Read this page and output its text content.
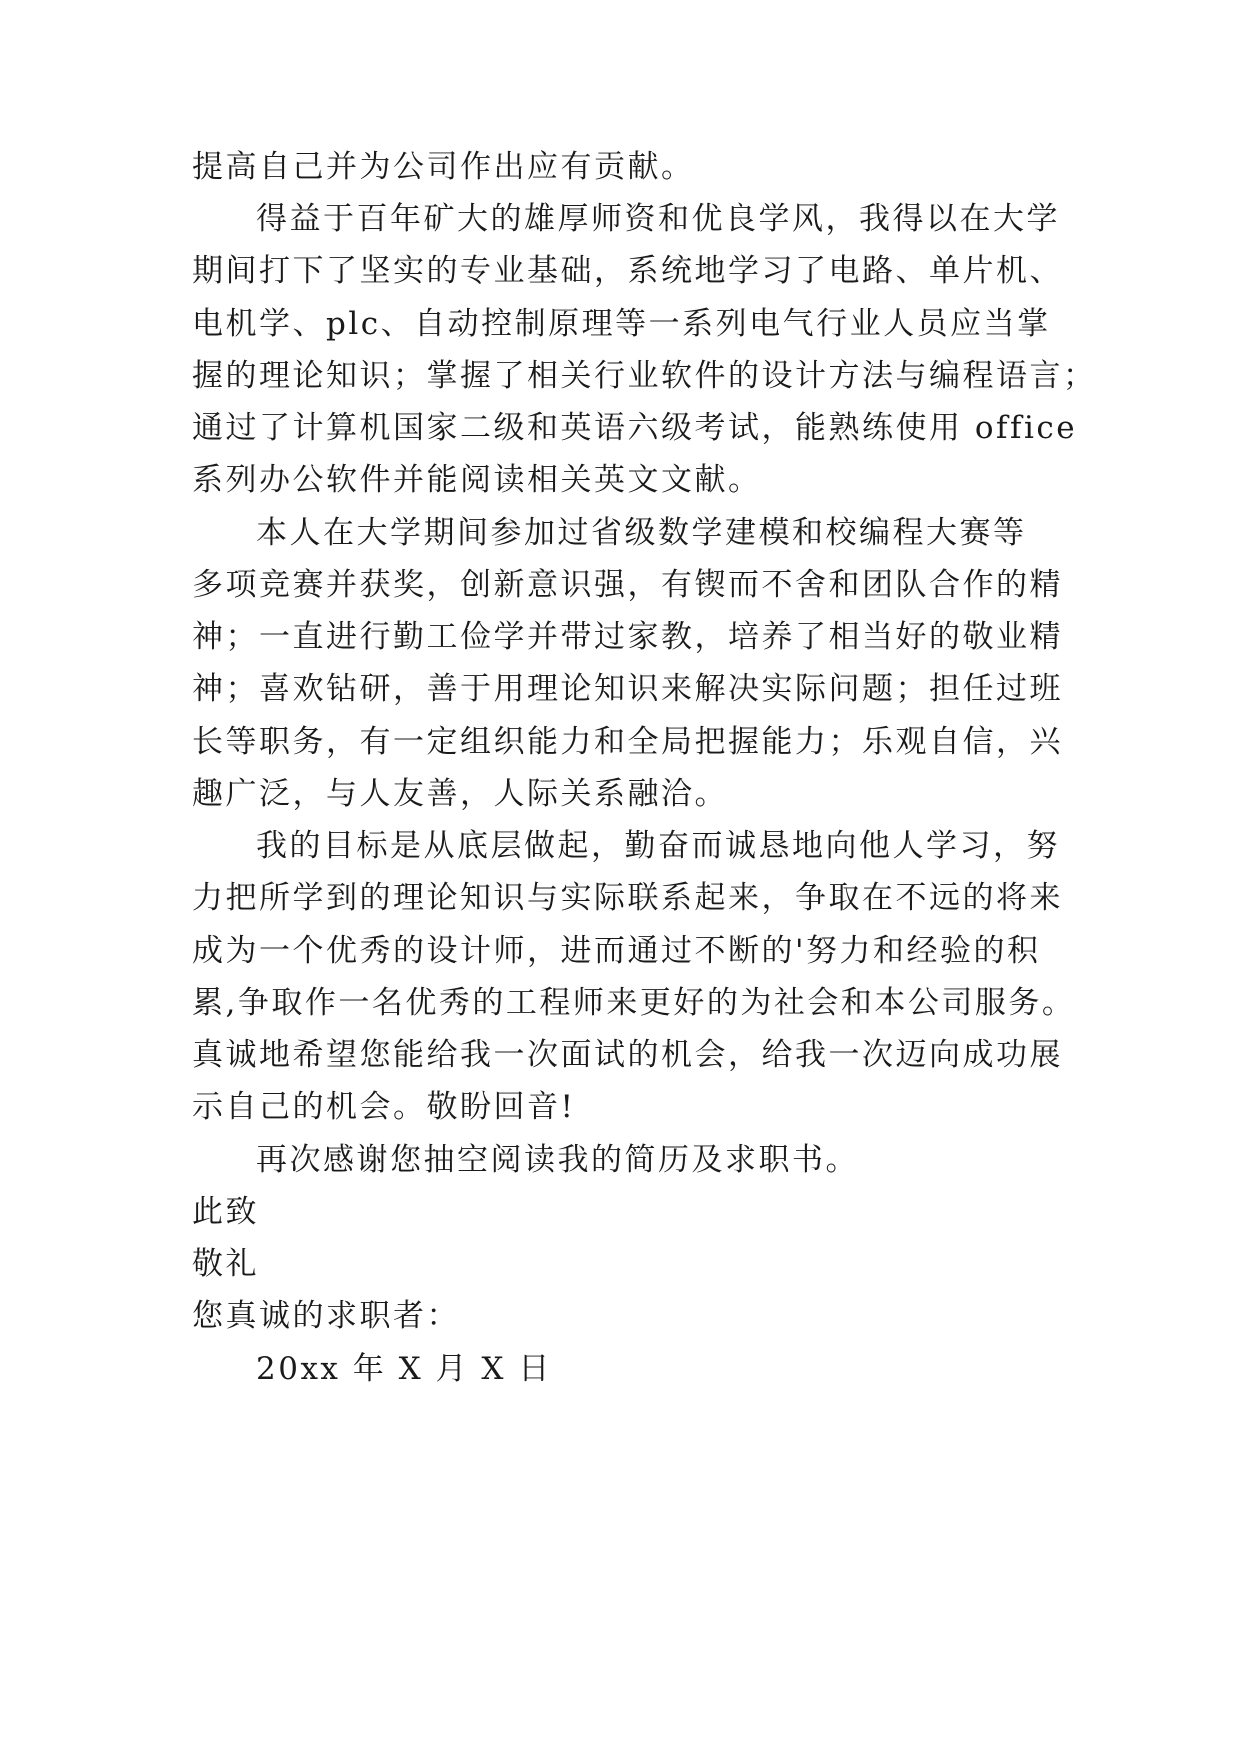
提高自己并为公司作出应有贡献。
得益于百年矿大的雄厚师资和优良学风，我得以在大学
期间打下了坚实的专业基础，系统地学习了电路、单片机、
电机学、plc、自动控制原理等一系列电气行业人员应当掌
握的理论知识；掌握了相关行业软件的设计方法与编程语言；
通过了计算机国家二级和英语六级考试，能熟练使用 office
系列办公软件并能阅读相关英文文献。
本人在大学期间参加过省级数学建模和校编程大赛等
多项竞赛并获奖，创新意识强，有锲而不舍和团队合作的精
神；一直进行勤工俭学并带过家教，培养了相当好的敬业精
神；喜欢钻研，善于用理论知识来解决实际问题；担任过班
长等职务，有一定组织能力和全局把握能力；乐观自信，兴
趣广泛，与人友善，人际关系融洽。
我的目标是从底层做起，勤奋而诚恳地向他人学习，努
力把所学到的理论知识与实际联系起来，争取在不远的将来
成为一个优秀的设计师，进而通过不断的'努力和经验的积
累,争取作一名优秀的工程师来更好的为社会和本公司服务。
真诚地希望您能给我一次面试的机会，给我一次迈向成功展
示自己的机会。敬盼回音!
再次感谢您抽空阅读我的简历及求职书。
此致
敬礼
您真诚的求职者：
20xx 年 X 月 X 日
